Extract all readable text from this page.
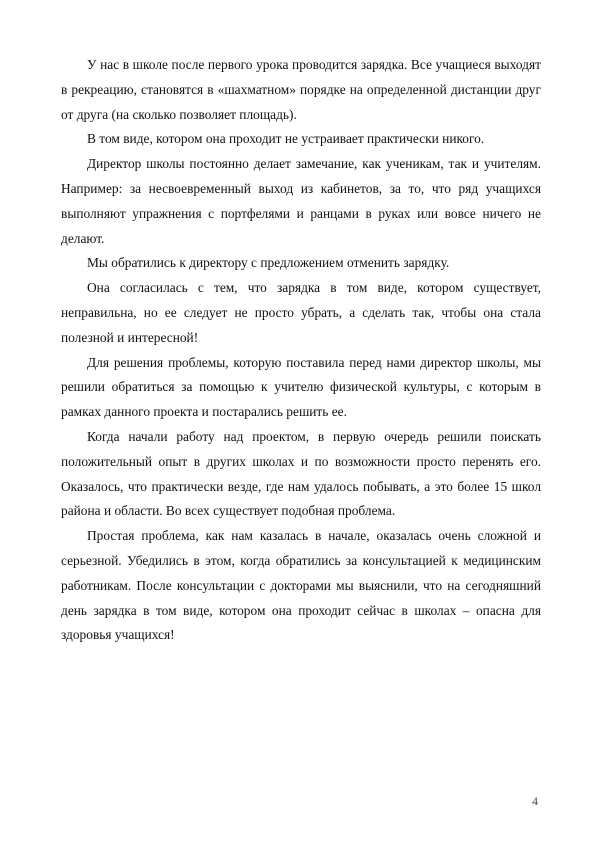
У нас в школе после первого урока проводится зарядка. Все учащиеся выходят в рекреацию, становятся в «шахматном» порядке на определенной дистанции друг от друга (на сколько позволяет площадь).

В том виде, котором она проходит не устраивает практически никого.

Директор школы постоянно делает замечание, как ученикам, так и учителям. Например: за несвоевременный выход из кабинетов, за то, что ряд учащихся выполняют упражнения с портфелями и ранцами в руках или вовсе ничего не делают.

Мы обратились к директору с предложением отменить зарядку.

Она согласилась с тем, что зарядка в том виде, котором существует, неправильна, но ее следует не просто убрать, а сделать так, чтобы она стала полезной и интересной!

Для решения проблемы, которую поставила перед нами директор школы, мы решили обратиться за помощью к учителю физической культуры, с которым в рамках данного проекта и постарались решить ее.

Когда начали работу над проектом, в первую очередь решили поискать положительный опыт в других школах и по возможности просто перенять его. Оказалось, что практически везде, где нам удалось побывать, а это более 15 школ района и области. Во всех существует подобная проблема.

Простая проблема, как нам казалась в начале, оказалась очень сложной и серьезной. Убедились в этом, когда обратились за консультацией к медицинским работникам. После консультации с докторами мы выяснили, что на сегодняшний день зарядка в том виде, котором она проходит сейчас в школах – опасна для здоровья учащихся!

4
